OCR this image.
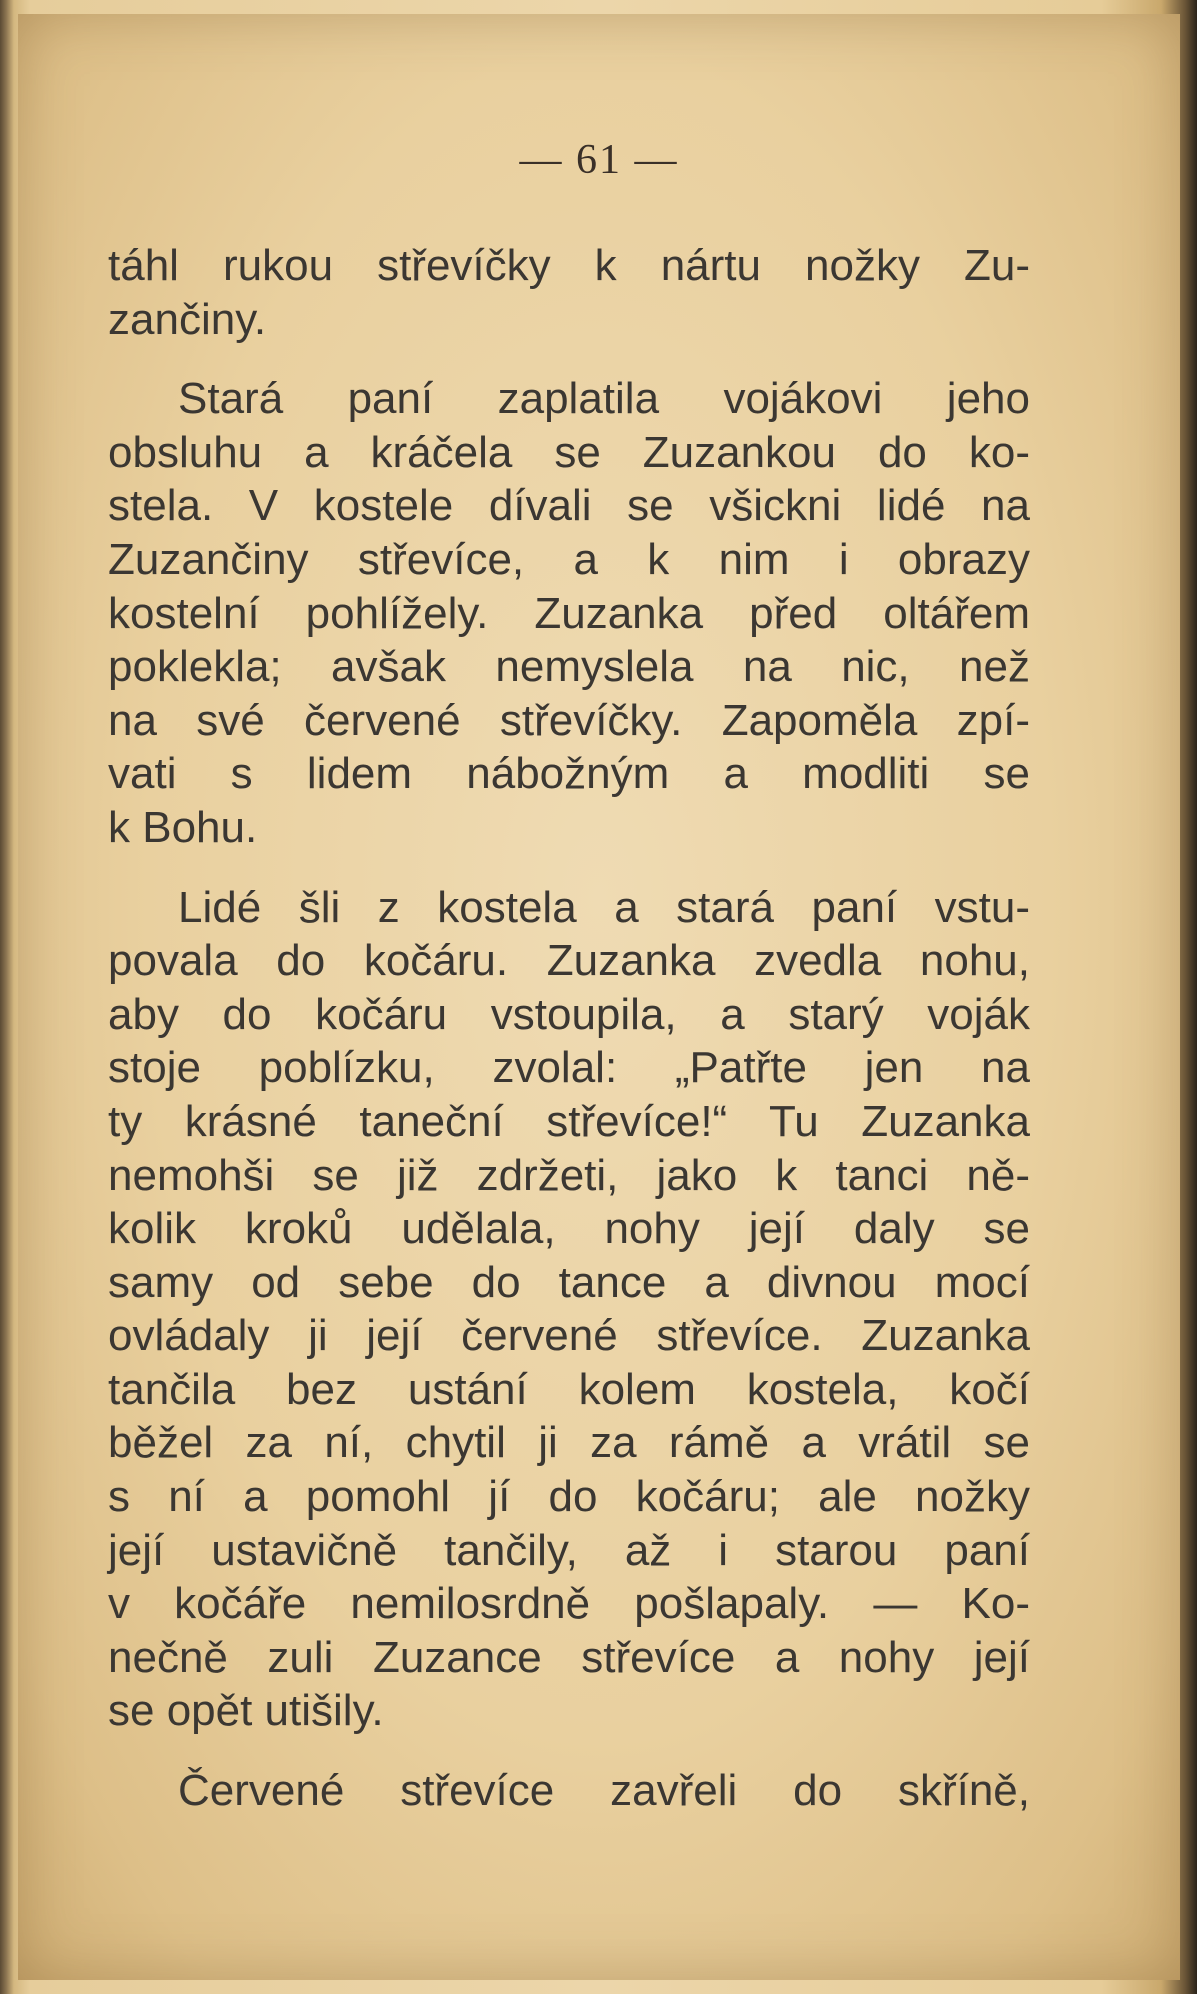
— 61 —

táhl rukou střevíčky k nártu nožky Zu-
zančiny.

Stará paní zaplatila vojákovi jeho
obsluhu a kráčela se Zuzankou do ko-
stela. V kostele dívali se všickni lidé na
Zuzančiny střevíce, a k nim i obrazy
kostelní pohlížely. Zuzanka před oltářem
poklekla; avšak nemyslela na nic, než
na své červené střevíčky. Zapoměla zpí-
vati s lidem nábožným a modliti se
k Bohu.

Lidé šli z kostela a stará paní vstu-
povala do kočáru. Zuzanka zvedla nohu,
aby do kočáru vstoupila, a starý voják
stoje poblízku, zvolal: „Patřte jen na
ty krásné taneční střevíce!“ Tu Zuzanka
nemohši se již zdržeti, jako k tanci ně-
kolik kroků udělala, nohy její daly se
samy od sebe do tance a divnou mocí
ovládaly ji její červené střevíce. Zuzanka
tančila bez ustání kolem kostela, kočí
běžel za ní, chytil ji za rámě a vrátil se
s ní a pomohl jí do kočáru; ale nožky
její ustavičně tančily, až i starou paní
v kočáře nemilosrdně pošlapaly. — Ko-
nečně zuli Zuzance střevíce a nohy její
se opět utišily.

Červené střevíce zavřeli do skříně,
